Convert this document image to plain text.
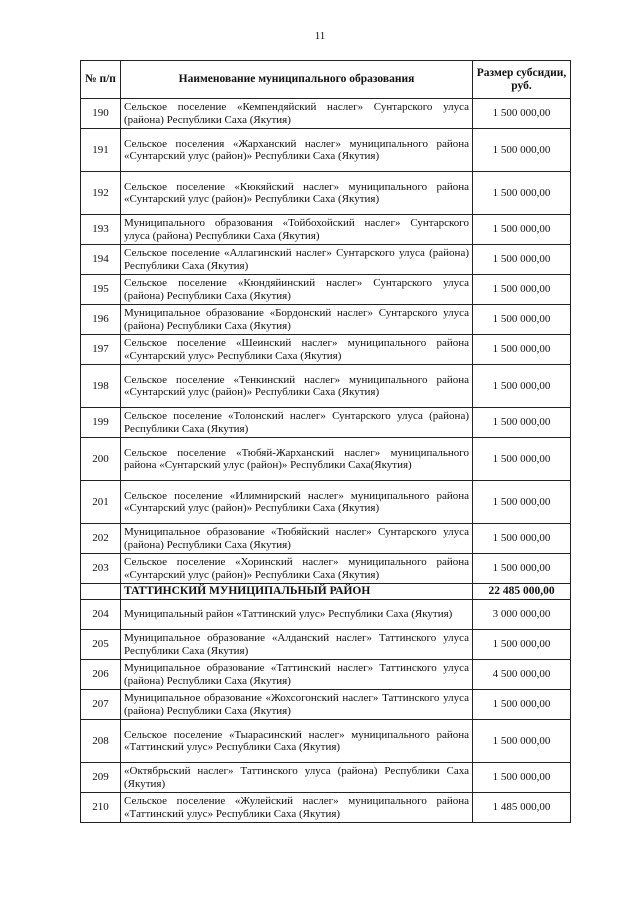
11
№ п/п	Наименование муниципального образования	Размер субсидии, руб.
190	Сельское поселение «Кемпендяйский наслег» Сунтарского улуса (района) Республики Саха (Якутия)	1 500 000,00
191	Сельское поселения «Жарханский наслег» муниципального района «Сунтарский улус (район)» Республики Саха (Якутия)	1 500 000,00
192	Сельское поселение «Кюкяйский наслег» муниципального района «Сунтарский улус (район)» Республики Саха (Якутия)	1 500 000,00
193	Муниципального образования «Тойбохойский наслег» Сунтарского улуса (района) Республики Саха (Якутия)	1 500 000,00
194	Сельское поселение «Аллагинский наслег» Сунтарского улуса (района) Республики Саха (Якутия)	1 500 000,00
195	Сельское поселение «Кюндяйинский наслег» Сунтарского улуса (района) Республики Саха (Якутия)	1 500 000,00
196	Муниципальное образование «Бордонский наслег» Сунтарского улуса (района) Республики Саха (Якутия)	1 500 000,00
197	Сельское поселение «Шеинский наслег» муниципального района «Сунтарский улус» Республики Саха (Якутия)	1 500 000,00
198	Сельское поселение «Тенкинский наслег» муниципального района «Сунтарский улус (район)» Республики Саха (Якутия)	1 500 000,00
199	Сельское поселение «Толонский наслег» Сунтарского улуса (района) Республики Саха (Якутия)	1 500 000,00
200	Сельское поселение «Тюбяй-Жарханский наслег» муниципального района «Сунтарский улус (район)» Республики Саха(Якутия)	1 500 000,00
201	Сельское поселение «Илимнирский наслег» муниципального района «Сунтарский улус (район)» Республики Саха (Якутия)	1 500 000,00
202	Муниципальное образование «Тюбяйский наслег» Сунтарского улуса (района) Республики Саха (Якутия)	1 500 000,00
203	Сельское поселение «Хоринский наслег» муниципального района «Сунтарский улус (район)» Республики Саха (Якутия)	1 500 000,00
	ТАТТИНСКИЙ МУНИЦИПАЛЬНЫЙ РАЙОН	22 485 000,00
204	Муниципальный район «Таттинский улус» Республики Саха (Якутия)	3 000 000,00
205	Муниципальное образование «Алданский наслег» Таттинского улуса Республики Саха (Якутия)	1 500 000,00
206	Муниципальное образование «Таттинский наслег» Таттинского улуса (района) Республики Саха (Якутия)	4 500 000,00
207	Муниципальное образование «Жохсогонский наслег» Таттинского улуса (района) Республики Саха (Якутия)	1 500 000,00
208	Сельское поселение «Тыарасинский наслег» муниципального района «Таттинский улус» Республики Саха (Якутия)	1 500 000,00
209	«Октябрьский наслег» Таттинского улуса (района) Республики Саха (Якутия)	1 500 000,00
210	Сельское поселение «Жулейский наслег» муниципального района «Таттинский улус» Республики Саха (Якутия)	1 485 000,00
